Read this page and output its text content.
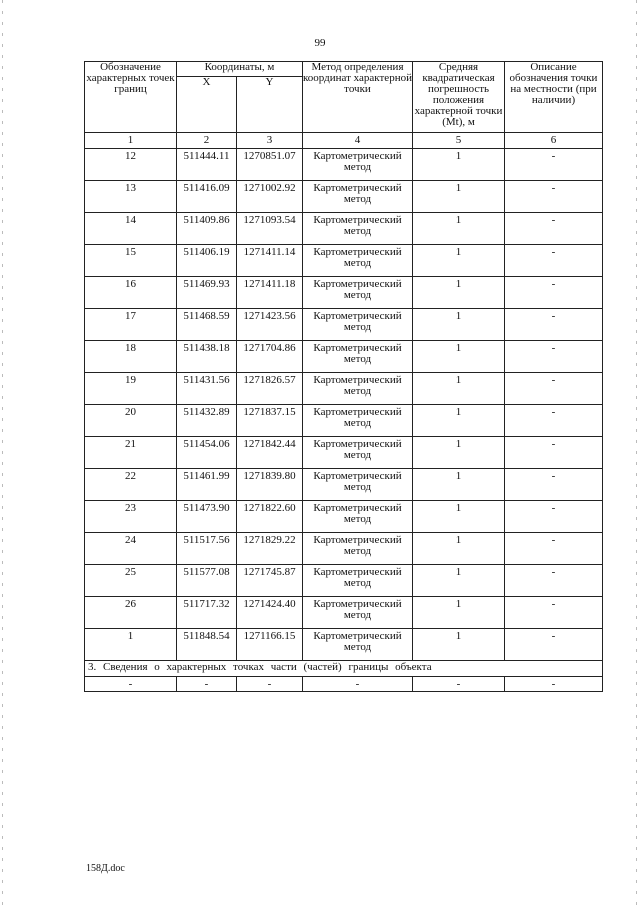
99
Обозначение характерных точек границ	Координаты, м		Метод определения координат характерной точки	Средняя квадратическая погрешность положения характерной точки (Mt), м	Описание обозначения точки на местности (при наличии)
	X	Y			
1	2	3	4	5	6
12	511444.11	1270851.07	Картометрический метод	1	-
13	511416.09	1271002.92	Картометрический метод	1	-
14	511409.86	1271093.54	Картометрический метод	1	-
15	511406.19	1271411.14	Картометрический метод	1	-
16	511469.93	1271411.18	Картометрический метод	1	-
17	511468.59	1271423.56	Картометрический метод	1	-
18	511438.18	1271704.86	Картометрический метод	1	-
19	511431.56	1271826.57	Картометрический метод	1	-
20	511432.89	1271837.15	Картометрический метод	1	-
21	511454.06	1271842.44	Картометрический метод	1	-
22	511461.99	1271839.80	Картометрический метод	1	-
23	511473.90	1271822.60	Картометрический метод	1	-
24	511517.56	1271829.22	Картометрический метод	1	-
25	511577.08	1271745.87	Картометрический метод	1	-
26	511717.32	1271424.40	Картометрический метод	1	-
1	511848.54	1271166.15	Картометрический метод	1	-
3. Сведения о характерных точках части (частей) границы объекта					
-	-	-	-	-	-
158Д.doc
